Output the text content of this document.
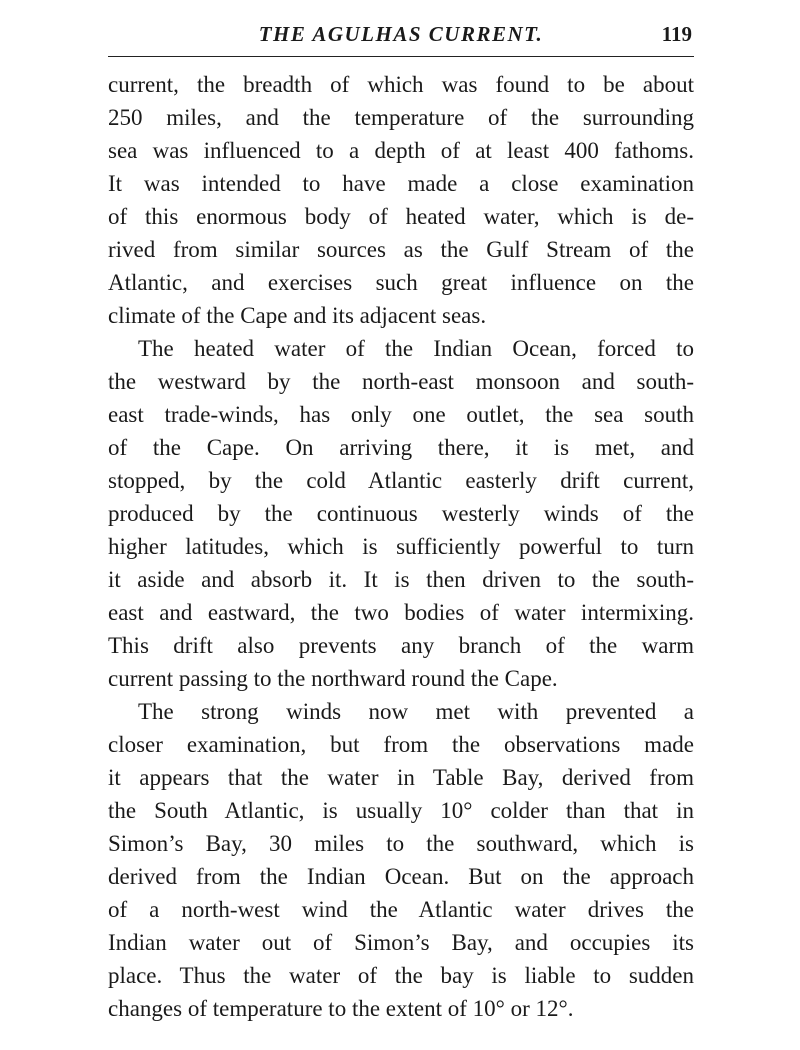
THE AGULHAS CURRENT.	119

current, the breadth of which was found to be about
250 miles, and the temperature of the surrounding
sea was influenced to a depth of at least 400 fathoms.
It was intended to have made a close examination
of this enormous body of heated water, which is de-
rived from similar sources as the Gulf Stream of the
Atlantic, and exercises such great influence on the
climate of the Cape and its adjacent seas.

The heated water of the Indian Ocean, forced to
the westward by the north-east monsoon and south-
east trade-winds, has only one outlet, the sea south
of the Cape. On arriving there, it is met, and
stopped, by the cold Atlantic easterly drift current,
produced by the continuous westerly winds of the
higher latitudes, which is sufficiently powerful to turn
it aside and absorb it. It is then driven to the south-
east and eastward, the two bodies of water intermixing.
This drift also prevents any branch of the warm
current passing to the northward round the Cape.

The strong winds now met with prevented a
closer examination, but from the observations made
it appears that the water in Table Bay, derived from
the South Atlantic, is usually 10° colder than that in
Simon’s Bay, 30 miles to the southward, which is
derived from the Indian Ocean. But on the approach
of a north-west wind the Atlantic water drives the
Indian water out of Simon’s Bay, and occupies its
place. Thus the water of the bay is liable to sudden
changes of temperature to the extent of 10° or 12°.
